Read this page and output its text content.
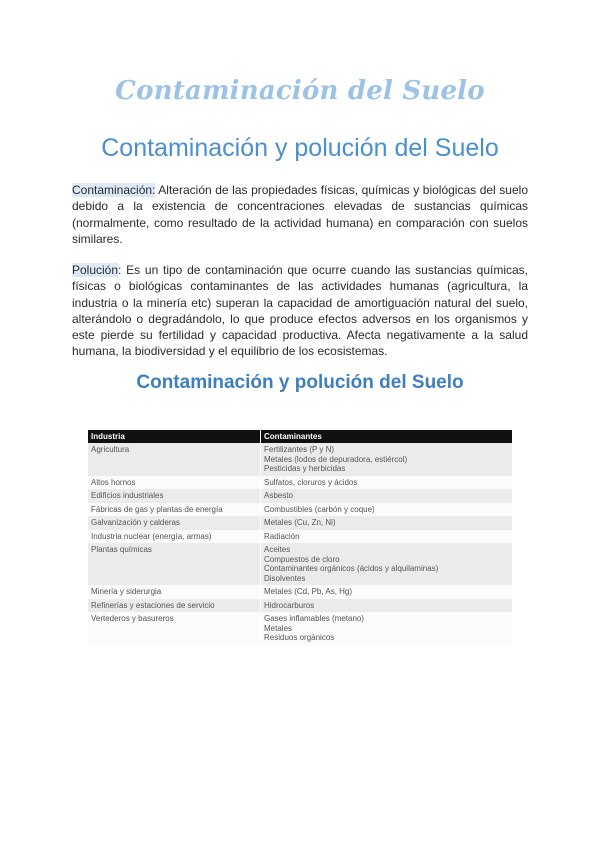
Contaminación del Suelo
Contaminación y polución del Suelo

Contaminación: Alteración de las propiedades físicas, químicas y biológicas del suelo debido a la existencia de concentraciones elevadas de sustancias químicas (normalmente, como resultado de la actividad humana) en comparación con suelos similares.

Polución: Es un tipo de contaminación que ocurre cuando las sustancias químicas, físicas o biológicas contaminantes de las actividades humanas (agricultura, la industria o la minería etc) superan la capacidad de amortiguación natural del suelo, alterándolo o degradándolo, lo que produce efectos adversos en los organismos y este pierde su fertilidad y capacidad productiva. Afecta negativamente a la salud humana, la biodiversidad y el equilibrio de los ecosistemas.

Contaminación y polución del Suelo
Industria	Contaminantes
Agricultura	Fertilizantes (P y N)
Metales (lodos de depuradora, estiércol)
Pesticidas y herbicidas

Altos hornos	Sulfatos, cloruros y ácidos

Edificios industriales	Asbesto

Fábricas de gas y plantas de energía	Combustibles (carbón y coque)

Galvanización y calderas	Metales (Cu, Zn, Ni)

Industria nuclear (energía, armas)	Radiación

Plantas químicas	Aceites
Compuestos de cloro
Contaminantes orgánicos (ácidos y alquilaminas)
Disolventes

Minería y siderurgia	Metales (Cd, Pb, As, Hg)

Refinerías y estaciones de servicio	Hidrocarburos

Vertederos y basureros	Gases inflamables (metano)
Metales
Residuos orgánicos
